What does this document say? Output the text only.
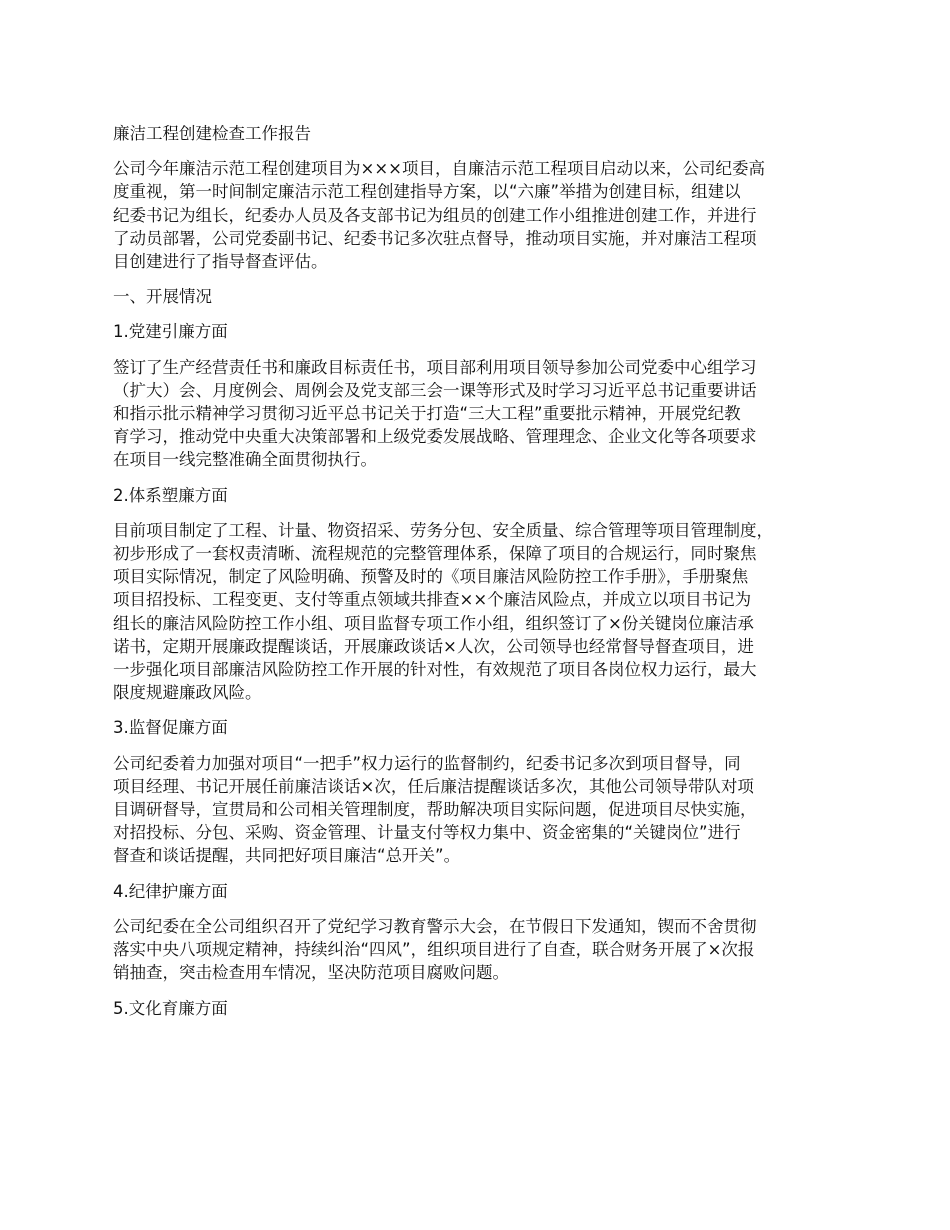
廉洁工程创建检查工作报告

公司今年廉洁示范工程创建项目为×××项目，自廉洁示范工程项目启动以来，公司纪委高
度重视，第一时间制定廉洁示范工程创建指导方案，以“六廉”举措为创建目标，组建以
纪委书记为组长，纪委办人员及各支部书记为组员的创建工作小组推进创建工作，并进行
了动员部署，公司党委副书记、纪委书记多次驻点督导，推动项目实施，并对廉洁工程项
目创建进行了指导督查评估。

一、开展情况
1.党建引廉方面

签订了生产经营责任书和廉政目标责任书，项目部利用项目领导参加公司党委中心组学习
（扩大）会、月度例会、周例会及党支部三会一课等形式及时学习习近平总书记重要讲话
和指示批示精神学习贯彻习近平总书记关于打造“三大工程”重要批示精神，开展党纪教
育学习，推动党中央重大决策部署和上级党委发展战略、管理理念、企业文化等各项要求
在项目一线完整准确全面贯彻执行。

2.体系塑廉方面

目前项目制定了工程、计量、物资招采、劳务分包、安全质量、综合管理等项目管理制度，
初步形成了一套权责清晰、流程规范的完整管理体系，保障了项目的合规运行，同时聚焦
项目实际情况，制定了风险明确、预警及时的《项目廉洁风险防控工作手册》，手册聚焦
项目招投标、工程变更、支付等重点领域共排查××个廉洁风险点，并成立以项目书记为
组长的廉洁风险防控工作小组、项目监督专项工作小组，组织签订了×份关键岗位廉洁承
诺书，定期开展廉政提醒谈话，开展廉政谈话×人次，公司领导也经常督导督查项目，进
一步强化项目部廉洁风险防控工作开展的针对性，有效规范了项目各岗位权力运行，最大
限度规避廉政风险。

3.监督促廉方面

公司纪委着力加强对项目“一把手”权力运行的监督制约，纪委书记多次到项目督导，同
项目经理、书记开展任前廉洁谈话×次，任后廉洁提醒谈话多次，其他公司领导带队对项
目调研督导，宣贯局和公司相关管理制度，帮助解决项目实际问题，促进项目尽快实施，
对招投标、分包、采购、资金管理、计量支付等权力集中、资金密集的“关键岗位”进行
督查和谈话提醒，共同把好项目廉洁“总开关”。

4.纪律护廉方面

公司纪委在全公司组织召开了党纪学习教育警示大会，在节假日下发通知，锲而不舍贯彻
落实中央八项规定精神，持续纠治“四风”，组织项目进行了自查，联合财务开展了×次报
销抽查，突击检查用车情况，坚决防范项目腐败问题。

5.文化育廉方面
